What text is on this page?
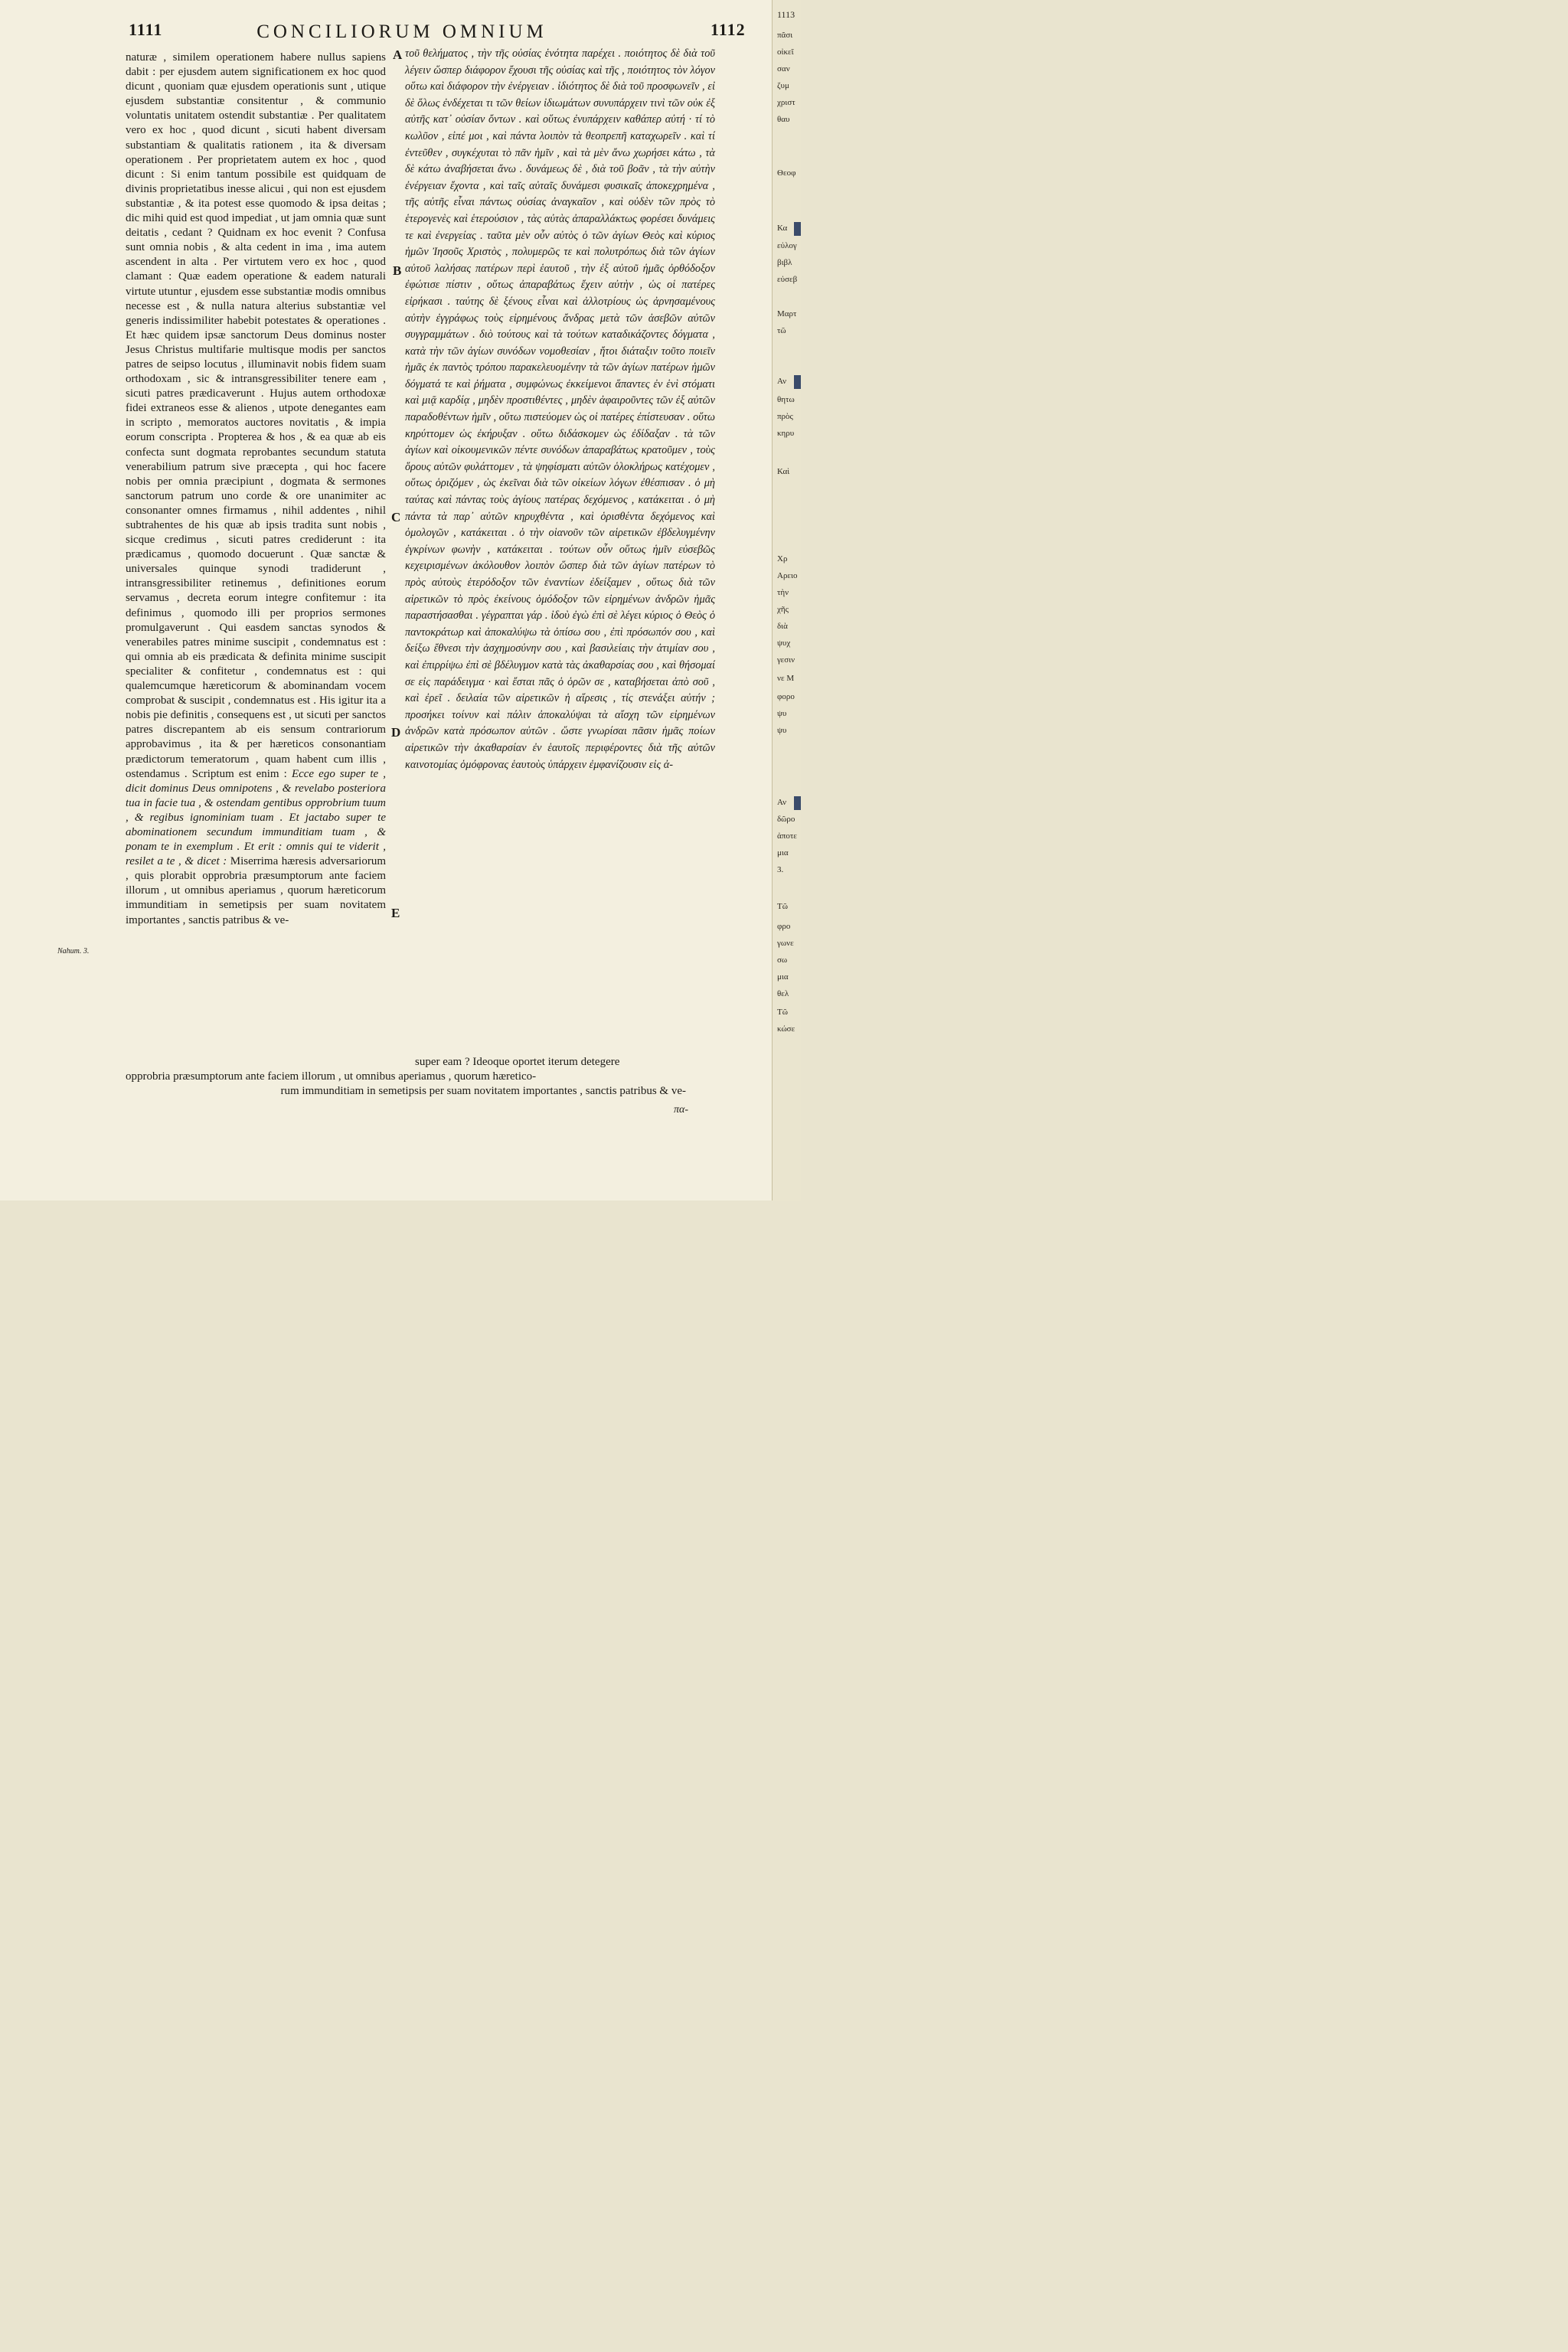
1111	CONCILIORUM OMNIUM	1112
A
B
C
D
E
Nahum. 3.

naturæ , similem operationem habere nullus sapiens dabit : per ejusdem autem significationem ex hoc quod dicunt , quoniam quæ ejusdem operationis sunt , utique ejusdem substantiæ consitentur , & communio voluntatis unitatem ostendit substantiæ . Per qualitatem vero ex hoc , quod dicunt , sicuti habent diversam substantiam & qualitatis rationem , ita & diversam operationem . Per proprietatem autem ex hoc , quod dicunt : Si enim tantum possibile est quidquam de divinis proprietatibus inesse alicui , qui non est ejusdem substantiæ , & ita potest esse quomodo & ipsa deitas ; dic mihi quid est quod impediat , ut jam omnia quæ sunt deitatis , cedant ? Quidnam ex hoc evenit ? Confusa sunt omnia nobis , & alta cedent in ima , ima autem ascendent in alta . Per virtutem vero ex hoc , quod clamant : Quæ eadem operatione & eadem naturali virtute utuntur , ejusdem esse substantiæ modis omnibus necesse est , & nulla natura alterius substantiæ vel generis indissimiliter habebit potestates & operationes . Et hæc quidem ipsæ sanctorum Deus dominus noster Jesus Christus multifarie multisque modis per sanctos patres de seipso locutus , illuminavit nobis fidem suam orthodoxam , sic & intransgressibiliter tenere eam , sicuti patres prædicaverunt . Hujus autem orthodoxæ fidei extraneos esse & alienos , utpote denegantes eam in scripto , memoratos auctores novitatis , & impia eorum conscripta . Propterea & hos , & ea quæ ab eis confecta sunt dogmata reprobantes secundum statuta venerabilium patrum sive præcepta , qui hoc facere nobis per omnia præcipiunt , dogmata & sermones sanctorum patrum uno corde & ore unanimiter ac consonanter omnes firmamus , nihil addentes , nihil subtrahentes de his quæ ab ipsis tradita sunt nobis , sicque credimus , sicuti patres crediderunt : ita prædicamus , quomodo docuerunt . Quæ sanctæ & universales quinque synodi tradiderunt , intransgressibiliter retinemus , definitiones eorum servamus , decreta eorum integre confitemur : ita definimus , quomodo illi per proprios sermones promulgaverunt . Qui easdem sanctas synodos & venerabiles patres minime suscipit , condemnatus est : qui omnia ab eis prædicata & definita minime suscipit specialiter & confitetur , condemnatus est : qui qualemcumque hæreticorum & abominandam vocem comprobat & suscipit , condemnatus est . His igitur ita a nobis pie definitis , consequens est , ut sicuti per sanctos patres discrepantem ab eis sensum contrariorum approbavimus , ita & per hæreticos consonantiam prædictorum temeratorum , quam habent cum illis , ostendamus . Scriptum est enim : Ecce ego super te , dicit dominus Deus omnipotens , & revelabo posteriora tua in facie tua , & ostendam gentibus opprobrium tuum , & regibus ignominiam tuam . Et jactabo super te abominationem secundum immunditiam tuam , & ponam te in exemplum . Et erit : omnis qui te viderit , resilet a te , & dicet : Miserrima hæresis adversariorum , quis plorabit opprobria præsumptorum ante faciem illorum , ut omnibus aperiamus , quorum hæreticorum immunditiam in semetipsis per suam novitatem importantes , sanctis patribus & ve-

τοῦ θελήματος , τὴν τῆς οὐσίας ἑνότητα παρέχει . ποιότητος δὲ διὰ τοῦ λέγειν ὥσπερ διάφορον ἔχουσι τῆς οὐσίας καὶ τῆς , ποιότητος τὸν λόγον οὕτω καὶ διάφορον τὴν ἐνέργειαν . ἰδιότητος δὲ διὰ τοῦ προσφωνεῖν , εἰ δὲ ὅλως ἐνδέχεται τι τῶν θείων ἰδιωμάτων συνυπάρχειν τινὶ τῶν οὐκ ἐξ αὐτῆς κατ᾽ οὐσίαν ὄντων . καὶ οὕτως ἐνυπάρχειν καθάπερ αὐτή · τί τὸ κωλῦον , εἰπέ μοι , καὶ πάντα λοιπὸν τὰ θεοπρεπῆ καταχωρεῖν . καὶ τί ἐντεῦθεν , συγκέχυται τὸ πᾶν ἡμῖν , καὶ τὰ μὲν ἄνω χωρήσει κάτω , τὰ δὲ κάτω ἀναβήσεται ἄνω . δυνάμεως δὲ , διὰ τοῦ βοᾶν , τὰ τὴν αὐτὴν ἐνέργειαν ἔχοντα , καὶ ταῖς αὐταῖς δυνάμεσι φυσικαῖς ἀποκεχρημένα , τῆς αὐτῆς εἶναι πάντως οὐσίας ἀναγκαῖον , καὶ οὐδὲν τῶν πρὸς τὸ ἑτερογενὲς καὶ ἑτερούσιον , τὰς αὐτὰς ἀπαραλλάκτως φορέσει δυνάμεις τε καὶ ἐνεργείας . ταῦτα μὲν οὖν αὐτὸς ὁ τῶν ἁγίων Θεὸς καὶ κύριος ἡμῶν Ἰησοῦς Χριστὸς , πολυμερῶς τε καὶ πολυτρόπως διὰ τῶν ἁγίων αὐτοῦ λαλήσας πατέρων περὶ ἑαυτοῦ , τὴν ἐξ αὐτοῦ ἡμᾶς ὀρθόδοξον ἐφώτισε πίστιν , οὕτως ἀπαραβάτως ἔχειν αὐτὴν , ὡς οἱ πατέρες εἰρήκασι . ταύτης δὲ ξένους εἶναι καὶ ἀλλοτρίους ὡς ἀρνησαμένους αὐτὴν ἐγγράφως τοὺς εἰρημένους ἄνδρας μετὰ τῶν ἀσεβῶν αὐτῶν συγγραμμάτων . διὸ τούτους καὶ τὰ τούτων καταδικάζοντες δόγματα , κατὰ τὴν τῶν ἁγίων συνόδων νομοθεσίαν , ἤτοι διάταξιν τοῦτο ποιεῖν ἡμᾶς ἐκ παντὸς τρόπου παρακελευομένην τὰ τῶν ἁγίων πατέρων ἡμῶν δόγματά τε καὶ ῥήματα , συμφώνως ἐκκείμενοι ἅπαντες ἐν ἑνὶ στόματι καὶ μιᾷ καρδίᾳ , μηδὲν προστιθέντες , μηδὲν ἀφαιροῦντες τῶν ἐξ αὐτῶν παραδοθέντων ἡμῖν , οὕτω πιστεύομεν ὡς οἱ πατέρες ἐπίστευσαν . οὕτω κηρύττομεν ὡς ἐκήρυξαν . οὕτω διδάσκομεν ὡς ἐδίδαξαν . τὰ τῶν ἁγίων καὶ οἰκουμενικῶν πέντε συνόδων ἀπαραβάτως κρατοῦμεν , τοὺς ὅρους αὐτῶν φυλάττομεν , τὰ ψηφίσματι αὐτῶν ὁλοκλήρως κατέχομεν , οὕτως ὁριζόμεν , ὡς ἐκεῖναι διὰ τῶν οἰκείων λόγων ἐθέσπισαν . ὁ μὴ ταύτας καὶ πάντας τοὺς ἁγίους πατέρας δεχόμενος , κατάκειται . ὁ μὴ πάντα τὰ παρ᾽ αὐτῶν κηρυχθέντα , καὶ ὁρισθέντα δεχόμενος καὶ ὁμολογῶν , κατάκειται . ὁ τὴν οἱανοῦν τῶν αἱρετικῶν ἐβδελυγμένην ἐγκρίνων φωνὴν , κατάκειται . τούτων οὖν οὕτως ἡμῖν εὐσεβῶς κεχειρισμένων ἀκόλουθον λοιπὸν ὥσπερ διὰ τῶν ἁγίων πατέρων τὸ πρὸς αὐτοὺς ἑτερόδοξον τῶν ἐναντίων ἐδείξαμεν , οὕτως διὰ τῶν αἱρετικῶν τὸ πρὸς ἐκείνους ὁμόδοξον τῶν εἰρημένων ἀνδρῶν ἡμᾶς παραστήσασθαι . γέγραπται γάρ . ἰδοὺ ἐγὼ ἐπὶ σὲ λέγει κύριος ὁ Θεὸς ὁ παντοκράτωρ καὶ ἀποκαλύψω τὰ ὀπίσω σου , ἐπὶ πρόσωπόν σου , καὶ δείξω ἔθνεσι τὴν ἀσχημοσύνην σου , καὶ βασιλείαις τὴν ἀτιμίαν σου , καὶ ἐπιρρίψω ἐπὶ σὲ βδέλυγμον κατὰ τὰς ἀκαθαρσίας σου , καὶ θήσομαί σε εἰς παράδειγμα · καὶ ἔσται πᾶς ὁ ὁρῶν σε , καταβήσεται ἀπὸ σοῦ , καὶ ἐρεῖ . δειλαία τῶν αἱρετικῶν ἡ αἵρεσις , τίς στενάξει αὐτήν ; προσήκει τοίνυν καὶ πάλιν ἀποκαλύψαι τὰ αἴσχη τῶν εἰρημένων ἀνδρῶν κατὰ πρόσωπον αὐτῶν . ὥστε γνωρίσαι πᾶσιν ἡμᾶς ποίων αἱρετικῶν τὴν ἀκαθαρσίαν ἐν ἑαυτοῖς περιφέροντες διὰ τῆς αὐτῶν καινοτομίας ὁμόφρονας ἑαυτοὺς ὑπάρχειν ἐμφανίζουσιν εἰς ἀ-

super eam ? Ideoque oportet iterum detegere

opprobria præsumptorum ante faciem illorum , ut omnibus aperiamus , quorum hæretico-

rum immunditiam in semetipsis per suam novitatem importantes , sanctis patribus & ve-

πα-
1113
πᾶσι
οἰκεῖ
σαν
ζυμ
χριστ
θαυ
Θεοφ
Κα
εὐλογ
βιβλ
εὐσεβ
Μαρτ
τῶ
Αν
θητω
πρὸς
κηρυ
Καὶ
Χρ
Αρειο
τὴν
χῆς
διὰ
ψυχ
γεσιν
νε Μ
φορο
ψυ
ψυ
Αν
δῶρο
ἀποτε
μια
3.
Τῶ
φρο
γωνε
σω
μια
θελ
Τῶ
κώσε
